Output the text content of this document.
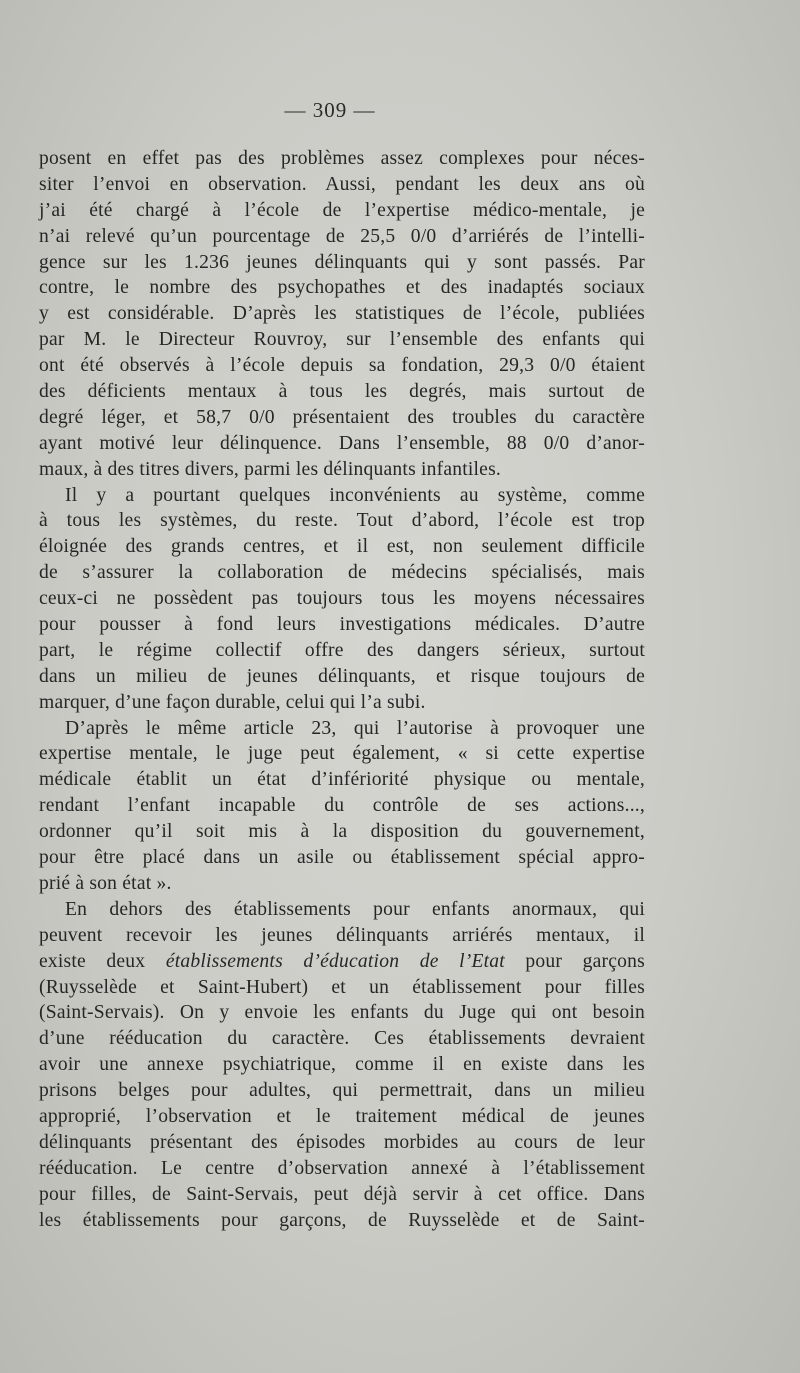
— 309 —
posent en effet pas des problèmes assez complexes pour néces-
siter l’envoi en observation. Aussi, pendant les deux ans où
j’ai été chargé à l’école de l’expertise médico-mentale, je
n’ai relevé qu’un pourcentage de 25,5 0/0 d’arriérés de l’intelli-
gence sur les 1.236 jeunes délinquants qui y sont passés. Par
contre, le nombre des psychopathes et des inadaptés sociaux
y est considérable. D’après les statistiques de l’école, publiées
par M. le Directeur Rouvroy, sur l’ensemble des enfants qui
ont été observés à l’école depuis sa fondation, 29,3 0/0 étaient
des déficients mentaux à tous les degrés, mais surtout de
degré léger, et 58,7 0/0 présentaient des troubles du caractère
ayant motivé leur délinquence. Dans l’ensemble, 88 0/0 d’anor-
maux, à des titres divers, parmi les délinquants infantiles.
Il y a pourtant quelques inconvénients au système, comme
à tous les systèmes, du reste. Tout d’abord, l’école est trop
éloignée des grands centres, et il est, non seulement difficile
de s’assurer la collaboration de médecins spécialisés, mais
ceux-ci ne possèdent pas toujours tous les moyens nécessaires
pour pousser à fond leurs investigations médicales. D’autre
part, le régime collectif offre des dangers sérieux, surtout
dans un milieu de jeunes délinquants, et risque toujours de
marquer, d’une façon durable, celui qui l’a subi.
D’après le même article 23, qui l’autorise à provoquer une
expertise mentale, le juge peut également, « si cette expertise
médicale établit un état d’infériorité physique ou mentale,
rendant l’enfant incapable du contrôle de ses actions...,
ordonner qu’il soit mis à la disposition du gouvernement,
pour être placé dans un asile ou établissement spécial appro-
prié à son état ».
En dehors des établissements pour enfants anormaux, qui
peuvent recevoir les jeunes délinquants arriérés mentaux, il
existe deux établissements d’éducation de l’Etat pour garçons
(Ruysselède et Saint-Hubert) et un établissement pour filles
(Saint-Servais). On y envoie les enfants du Juge qui ont besoin
d’une rééducation du caractère. Ces établissements devraient
avoir une annexe psychiatrique, comme il en existe dans les
prisons belges pour adultes, qui permettrait, dans un milieu
approprié, l’observation et le traitement médical de jeunes
délinquants présentant des épisodes morbides au cours de leur
rééducation. Le centre d’observation annexé à l’établissement
pour filles, de Saint-Servais, peut déjà servir à cet office. Dans
les établissements pour garçons, de Ruysselède et de Saint-
